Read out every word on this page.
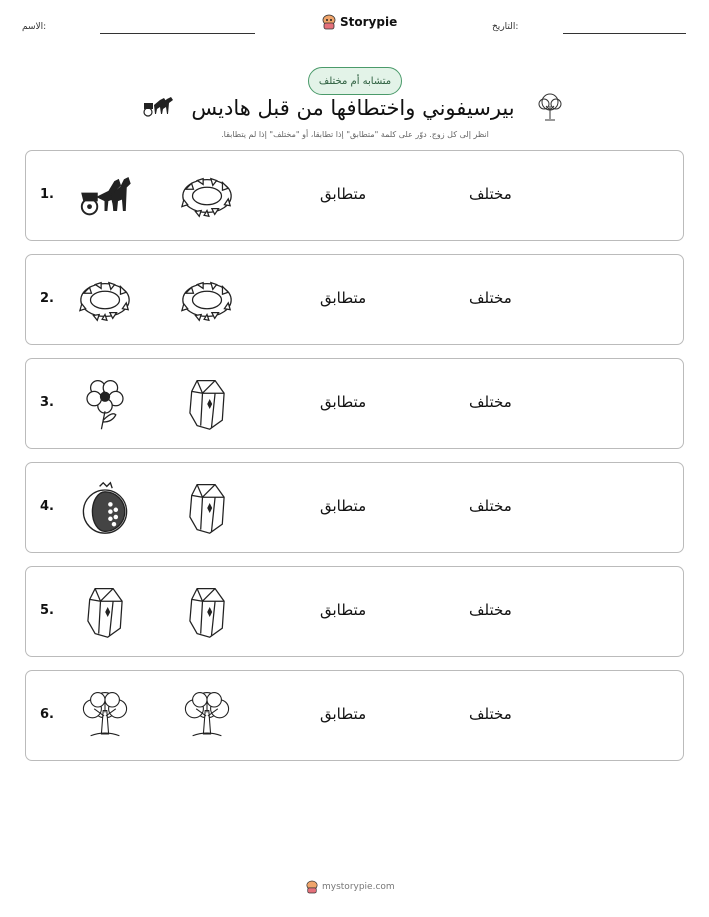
الاسم:	Storypie	التاريخ:
متشابه أم مختلف
بيرسيفوني واختطافها من قبل هاديس
انظر إلى كل زوج. دوّر على كلمة "متطابق" إذا تطابقا، أو "مختلف" إذا لم يتطابقا.
1.	متطابق	مختلف
2.	متطابق	مختلف
3.	متطابق	مختلف
4.	متطابق	مختلف
5.	متطابق	مختلف
6.	متطابق	مختلف
mystorypie.com
